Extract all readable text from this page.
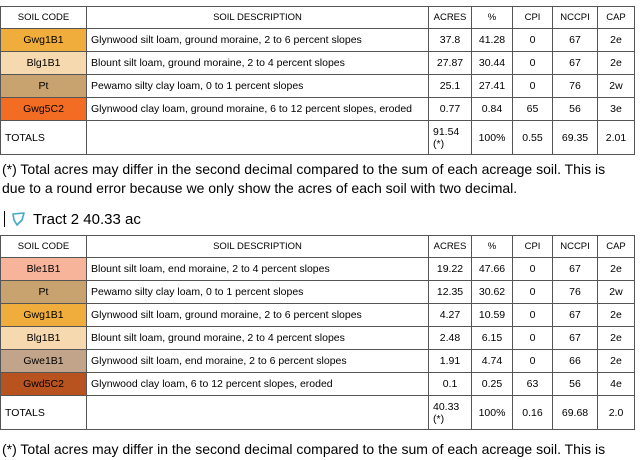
SOIL CODE	SOIL DESCRIPTION	ACRES	%	CPI	NCCPI	CAP
Gwg1B1	Glynwood silt loam, ground moraine, 2 to 6 percent slopes	37.8	41.28	0	67	2e
Blg1B1	Blount silt loam, ground moraine, 2 to 4 percent slopes	27.87	30.44	0	67	2e
Pt	Pewamo silty clay loam, 0 to 1 percent slopes	25.1	27.41	0	76	2w
Gwg5C2	Glynwood clay loam, ground moraine, 6 to 12 percent slopes, eroded	0.77	0.84	65	56	3e
TOTALS		91.54(*)	100%	0.55	69.35	2.01
(*) Total acres may differ in the second decimal compared to the sum of each acreage soil. This is due to a round error because we only show the acres of each soil with two decimal.
Tract 2 40.33 ac
SOIL CODE	SOIL DESCRIPTION	ACRES	%	CPI	NCCPI	CAP
Ble1B1	Blount silt loam, end moraine, 2 to 4 percent slopes	19.22	47.66	0	67	2e
Pt	Pewamo silty clay loam, 0 to 1 percent slopes	12.35	30.62	0	76	2w
Gwg1B1	Glynwood silt loam, ground moraine, 2 to 6 percent slopes	4.27	10.59	0	67	2e
Blg1B1	Blount silt loam, ground moraine, 2 to 4 percent slopes	2.48	6.15	0	67	2e
Gwe1B1	Glynwood silt loam, end moraine, 2 to 6 percent slopes	1.91	4.74	0	66	2e
Gwd5C2	Glynwood clay loam, 6 to 12 percent slopes, eroded	0.1	0.25	63	56	4e
TOTALS		40.33(*)	100%	0.16	69.68	2.0
(*) Total acres may differ in the second decimal compared to the sum of each acreage soil. This is
